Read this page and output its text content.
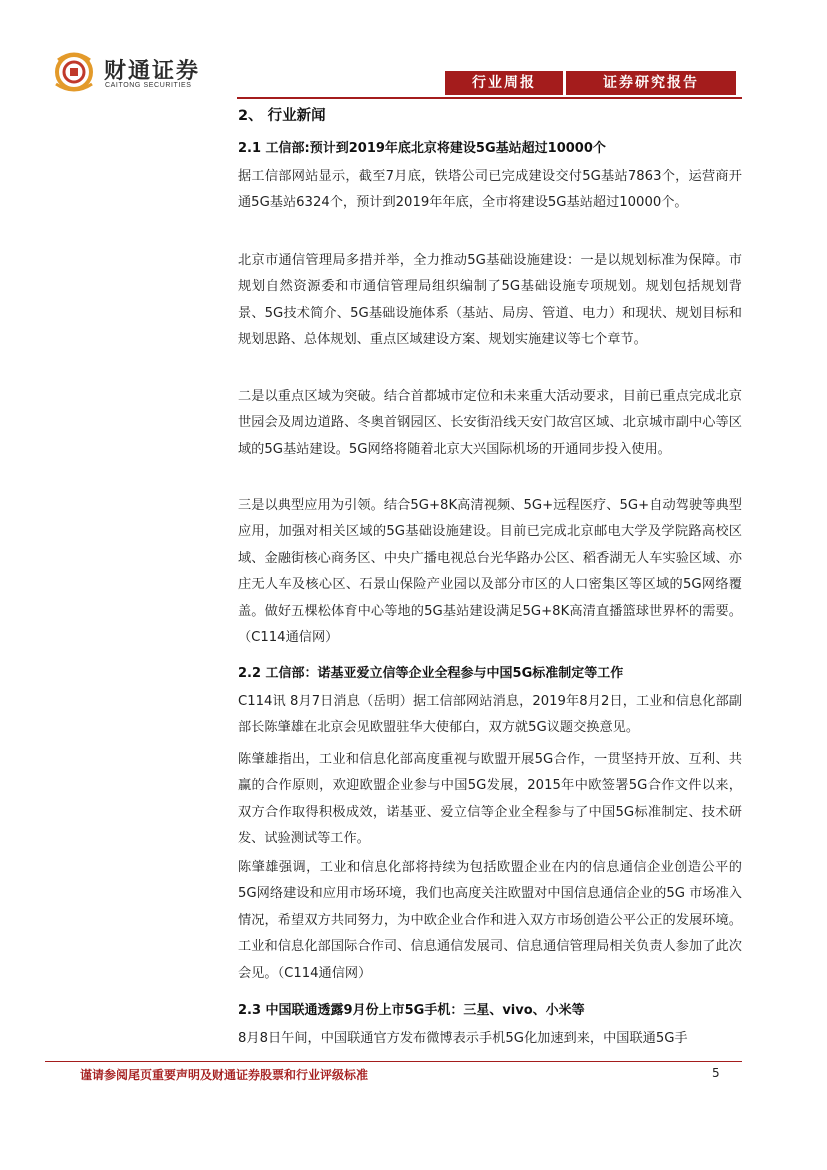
财通证券
CAITONG SECURITIES	行业周报	证券研究报告
2、 行业新闻
2.1 工信部:预计到2019年底北京将建设5G基站超过10000个

据工信部网站显示，截至7月底，铁塔公司已完成建设交付5G基站7863个，运营商开通5G基站6324个，预计到2019年年底，全市将建设5G基站超过10000个。

北京市通信管理局多措并举，全力推动5G基础设施建设：一是以规划标准为保障。市规划自然资源委和市通信管理局组织编制了5G基础设施专项规划。规划包括规划背景、5G技术简介、5G基础设施体系（基站、局房、管道、电力）和现状、规划目标和规划思路、总体规划、重点区域建设方案、规划实施建议等七个章节。

二是以重点区域为突破。结合首都城市定位和未来重大活动要求，目前已重点完成北京世园会及周边道路、冬奥首钢园区、长安街沿线天安门故宫区域、北京城市副中心等区域的5G基站建设。5G网络将随着北京大兴国际机场的开通同步投入使用。

三是以典型应用为引领。结合5G+8K高清视频、5G+远程医疗、5G+自动驾驶等典型应用，加强对相关区域的5G基础设施建设。目前已完成北京邮电大学及学院路高校区域、金融街核心商务区、中央广播电视总台光华路办公区、稻香湖无人车实验区域、亦庄无人车及核心区、石景山保险产业园以及部分市区的人口密集区等区域的5G网络覆盖。做好五棵松体育中心等地的5G基站建设满足5G+8K高清直播篮球世界杯的需要。（C114通信网）

2.2 工信部：诺基亚爱立信等企业全程参与中国5G标准制定等工作

C114讯 8月7日消息（岳明）据工信部网站消息，2019年8月2日，工业和信息化部副部长陈肇雄在北京会见欧盟驻华大使郁白，双方就5G议题交换意见。

陈肇雄指出，工业和信息化部高度重视与欧盟开展5G合作，一贯坚持开放、互利、共赢的合作原则，欢迎欧盟企业参与中国5G发展，2015年中欧签署5G合作文件以来，双方合作取得积极成效，诺基亚、爱立信等企业全程参与了中国5G标准制定、技术研发、试验测试等工作。

陈肇雄强调，工业和信息化部将持续为包括欧盟企业在内的信息通信企业创造公平的5G网络建设和应用市场环境，我们也高度关注欧盟对中国信息通信企业的5G 市场准入情况，希望双方共同努力，为中欧企业合作和进入双方市场创造公平公正的发展环境。工业和信息化部国际合作司、信息通信发展司、信息通信管理局相关负责人参加了此次会见。（C114通信网）

2.3 中国联通透露9月份上市5G手机：三星、vivo、小米等

8月8日午间，中国联通官方发布微博表示手机5G化加速到来，中国联通5G手

谨请参阅尾页重要声明及财通证券股票和行业评级标准	5
